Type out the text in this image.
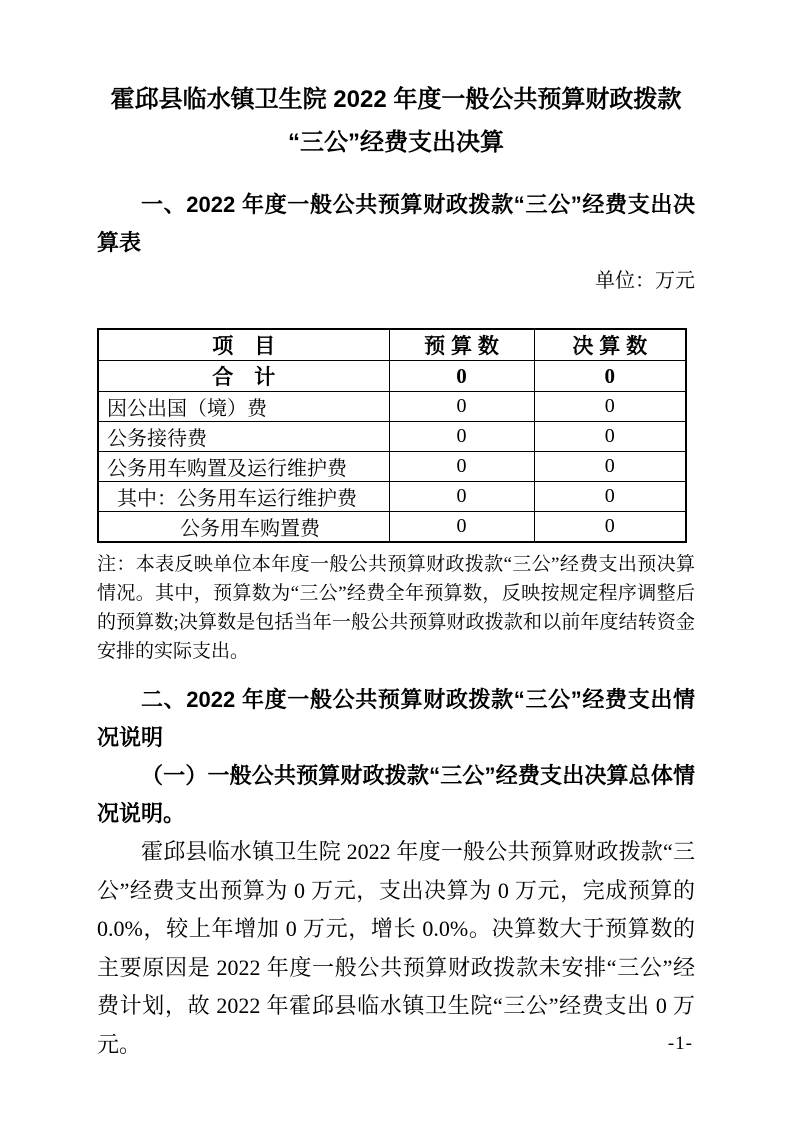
霍邱县临水镇卫生院 2022 年度一般公共预算财政拨款
“三公”经费支出决算

一、2022 年度一般公共预算财政拨款“三公”经费支出决算表

单位：万元

项　目	预 算 数	决 算 数
合　计	0	0
因公出国（境）费	0	0
公务接待费	0	0
公务用车购置及运行维护费	0	0
其中：公务用车运行维护费	0	0
公务用车购置费	0	0

注：本表反映单位本年度一般公共预算财政拨款“三公”经费支出预决算情况。其中，预算数为“三公”经费全年预算数，反映按规定程序调整后的预算数;决算数是包括当年一般公共预算财政拨款和以前年度结转资金安排的实际支出。

二、2022 年度一般公共预算财政拨款“三公”经费支出情况说明

（一）一般公共预算财政拨款“三公”经费支出决算总体情况说明。

霍邱县临水镇卫生院 2022 年度一般公共预算财政拨款“三公”经费支出预算为 0 万元，支出决算为 0 万元，完成预算的 0.0%，较上年增加 0 万元，增长 0.0%。决算数大于预算数的主要原因是 2022 年度一般公共预算财政拨款未安排“三公”经费计划，故 2022 年霍邱县临水镇卫生院“三公”经费支出 0 万元。	-1-
